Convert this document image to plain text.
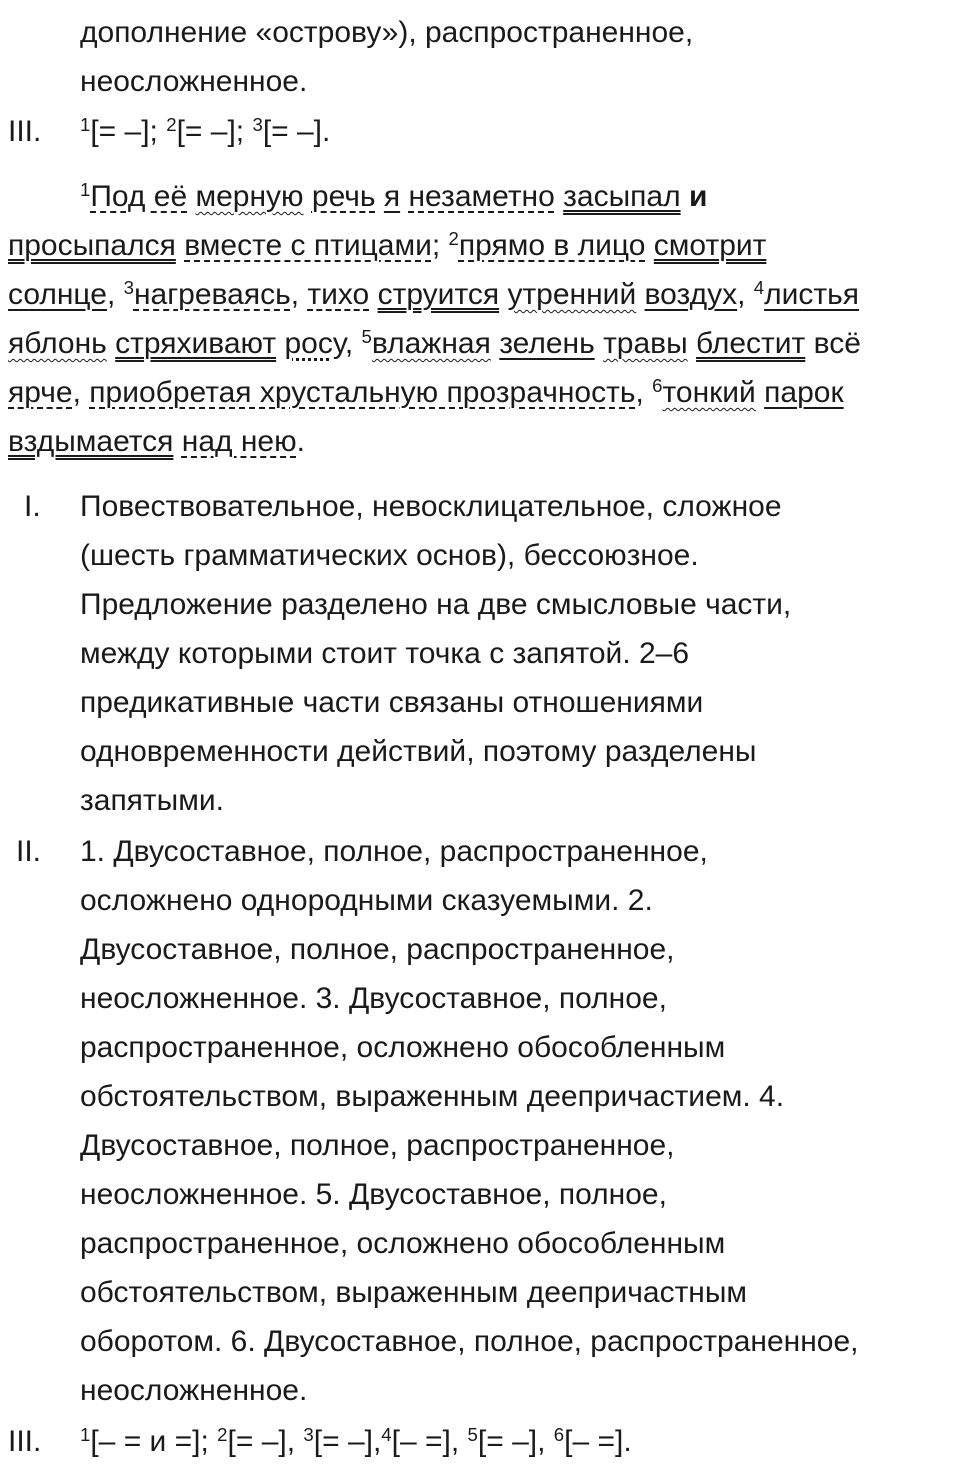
дополнение «острову»), распространенное,
неосложненное.
III. $^1$[= –]; $^2$[= –]; $^3$[= –].
$^1$Под её мерную речь я незаметно засыпал и
просыпался вместе с птицами; $^2$прямо в лицо смотрит
солнце, $^3$нагреваясь, тихо струится утренний воздух, $^4$листья
яблонь стряхивают росу, $^5$влажная зелень травы блестит всё
ярче, приобретая хрустальную прозрачность, $^6$тонкий парок
вздымается над нею.
I. Повествовательное, невосклицательное, сложное
(шесть грамматических основ), бессоюзное.
Предложение разделено на две смысловые части,
между которыми стоит точка с запятой. 2–6
предикативные части связаны отношениями
одновременности действий, поэтому разделены
запятыми.
II. 1. Двусоставное, полное, распространенное,
осложнено однородными сказуемыми. 2.
Двусоставное, полное, распространенное,
неосложненное. 3. Двусоставное, полное,
распространенное, осложнено обособленным
обстоятельством, выраженным деепричастием. 4.
Двусоставное, полное, распространенное,
неосложненное. 5. Двусоставное, полное,
распространенное, осложнено обособленным
обстоятельством, выраженным деепричастным
оборотом. 6. Двусоставное, полное, распространенное,
неосложненное.
III. $^1$[– = и =]; $^2$[= –], $^3$[= –],$^4$[– =], $^5$[= –], $^6$[– =].
